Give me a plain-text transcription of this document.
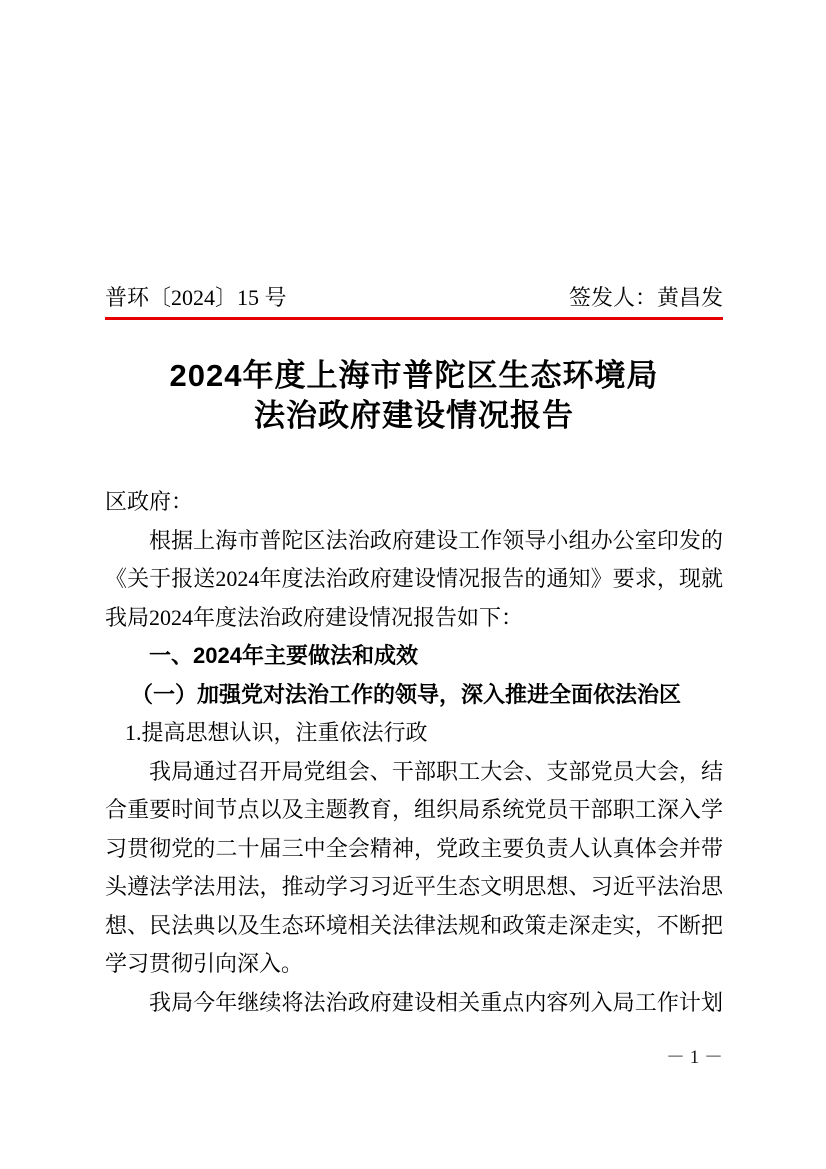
普环〔2024〕15 号	签发人：黄昌发
2024年度上海市普陀区生态环境局
法治政府建设情况报告

区政府：

根据上海市普陀区法治政府建设工作领导小组办公室印发的

《关于报送2024年度法治政府建设情况报告的通知》要求，现就

我局2024年度法治政府建设情况报告如下：

一、2024年主要做法和成效

（一）加强党对法治工作的领导，深入推进全面依法治区

1.提高思想认识，注重依法行政

我局通过召开局党组会、干部职工大会、支部党员大会，结

合重要时间节点以及主题教育，组织局系统党员干部职工深入学

习贯彻党的二十届三中全会精神，党政主要负责人认真体会并带

头遵法学法用法，推动学习习近平生态文明思想、习近平法治思

想、民法典以及生态环境相关法律法规和政策走深走实，不断把

学习贯彻引向深入。

我局今年继续将法治政府建设相关重点内容列入局工作计划

－ 1 －
